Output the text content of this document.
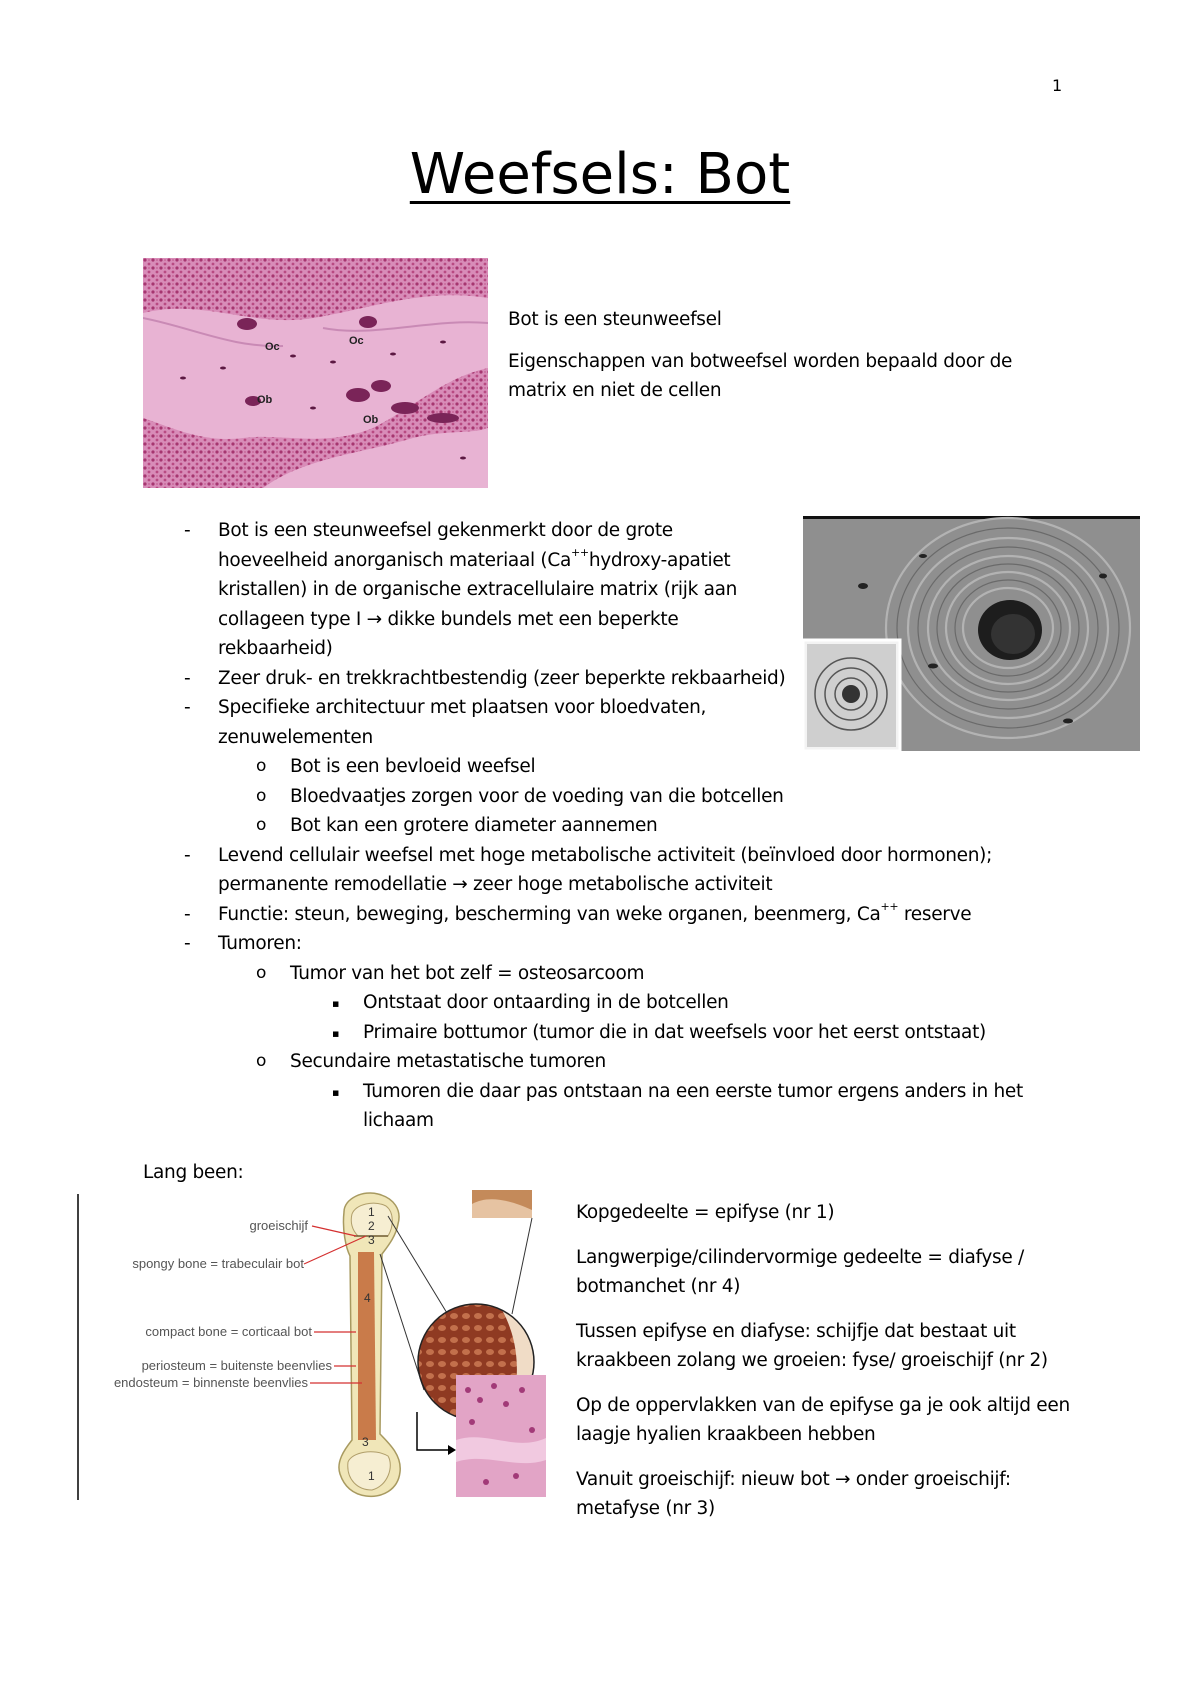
1
Weefsels: Bot
Oc	Oc
Ob
Ob

Bot is een steunweefsel

Eigenschappen van botweefsel worden bepaald door de matrix en niet de cellen

- Bot is een steunweefsel gekenmerkt door de grote
hoeveelheid anorganisch materiaal (Ca++hydroxy-apatiet
kristallen) in de organische extracellulaire matrix (rijk aan
collageen type I → dikke bundels met een beperkte
rekbaarheid)
- Zeer druk- en trekkrachtbestendig (zeer beperkte rekbaarheid)
- Specifieke architectuur met plaatsen voor bloedvaten,
zenuwelementen
o Bot is een bevloeid weefsel
o Bloedvaatjes zorgen voor de voeding van die botcellen
o Bot kan een grotere diameter aannemen
- Levend cellulair weefsel met hoge metabolische activiteit (beïnvloed door hormonen);
permanente remodellatie → zeer hoge metabolische activiteit
- Functie: steun, beweging, bescherming van weke organen, beenmerg, Ca++ reserve
- Tumoren:
o Tumor van het bot zelf = osteosarcoom
▪ Ontstaat door ontaarding in de botcellen
▪ Primaire bottumor (tumor die in dat weefsels voor het eerst ontstaat)
o Secundaire metastatische tumoren
▪ Tumoren die daar pas ontstaan na een eerste tumor ergens anders in het
lichaam
Lang been:
1
2
3
4
3
1
groeischijf
spongy bone = trabeculair bot
compact bone = corticaal bot
periosteum = buitenste beenvlies
endosteum = binnenste beenvlies

Kopgedeelte = epifyse (nr 1)

Langwerpige/cilindervormige gedeelte = diafyse / botmanchet (nr 4)

Tussen epifyse en diafyse: schijfje dat bestaat uit kraakbeen zolang we groeien: fyse/ groeischijf (nr 2)

Op de oppervlakken van de epifyse ga je ook altijd een laagje hyalien kraakbeen hebben

Vanuit groeischijf: nieuw bot → onder groeischijf: metafyse (nr 3)
